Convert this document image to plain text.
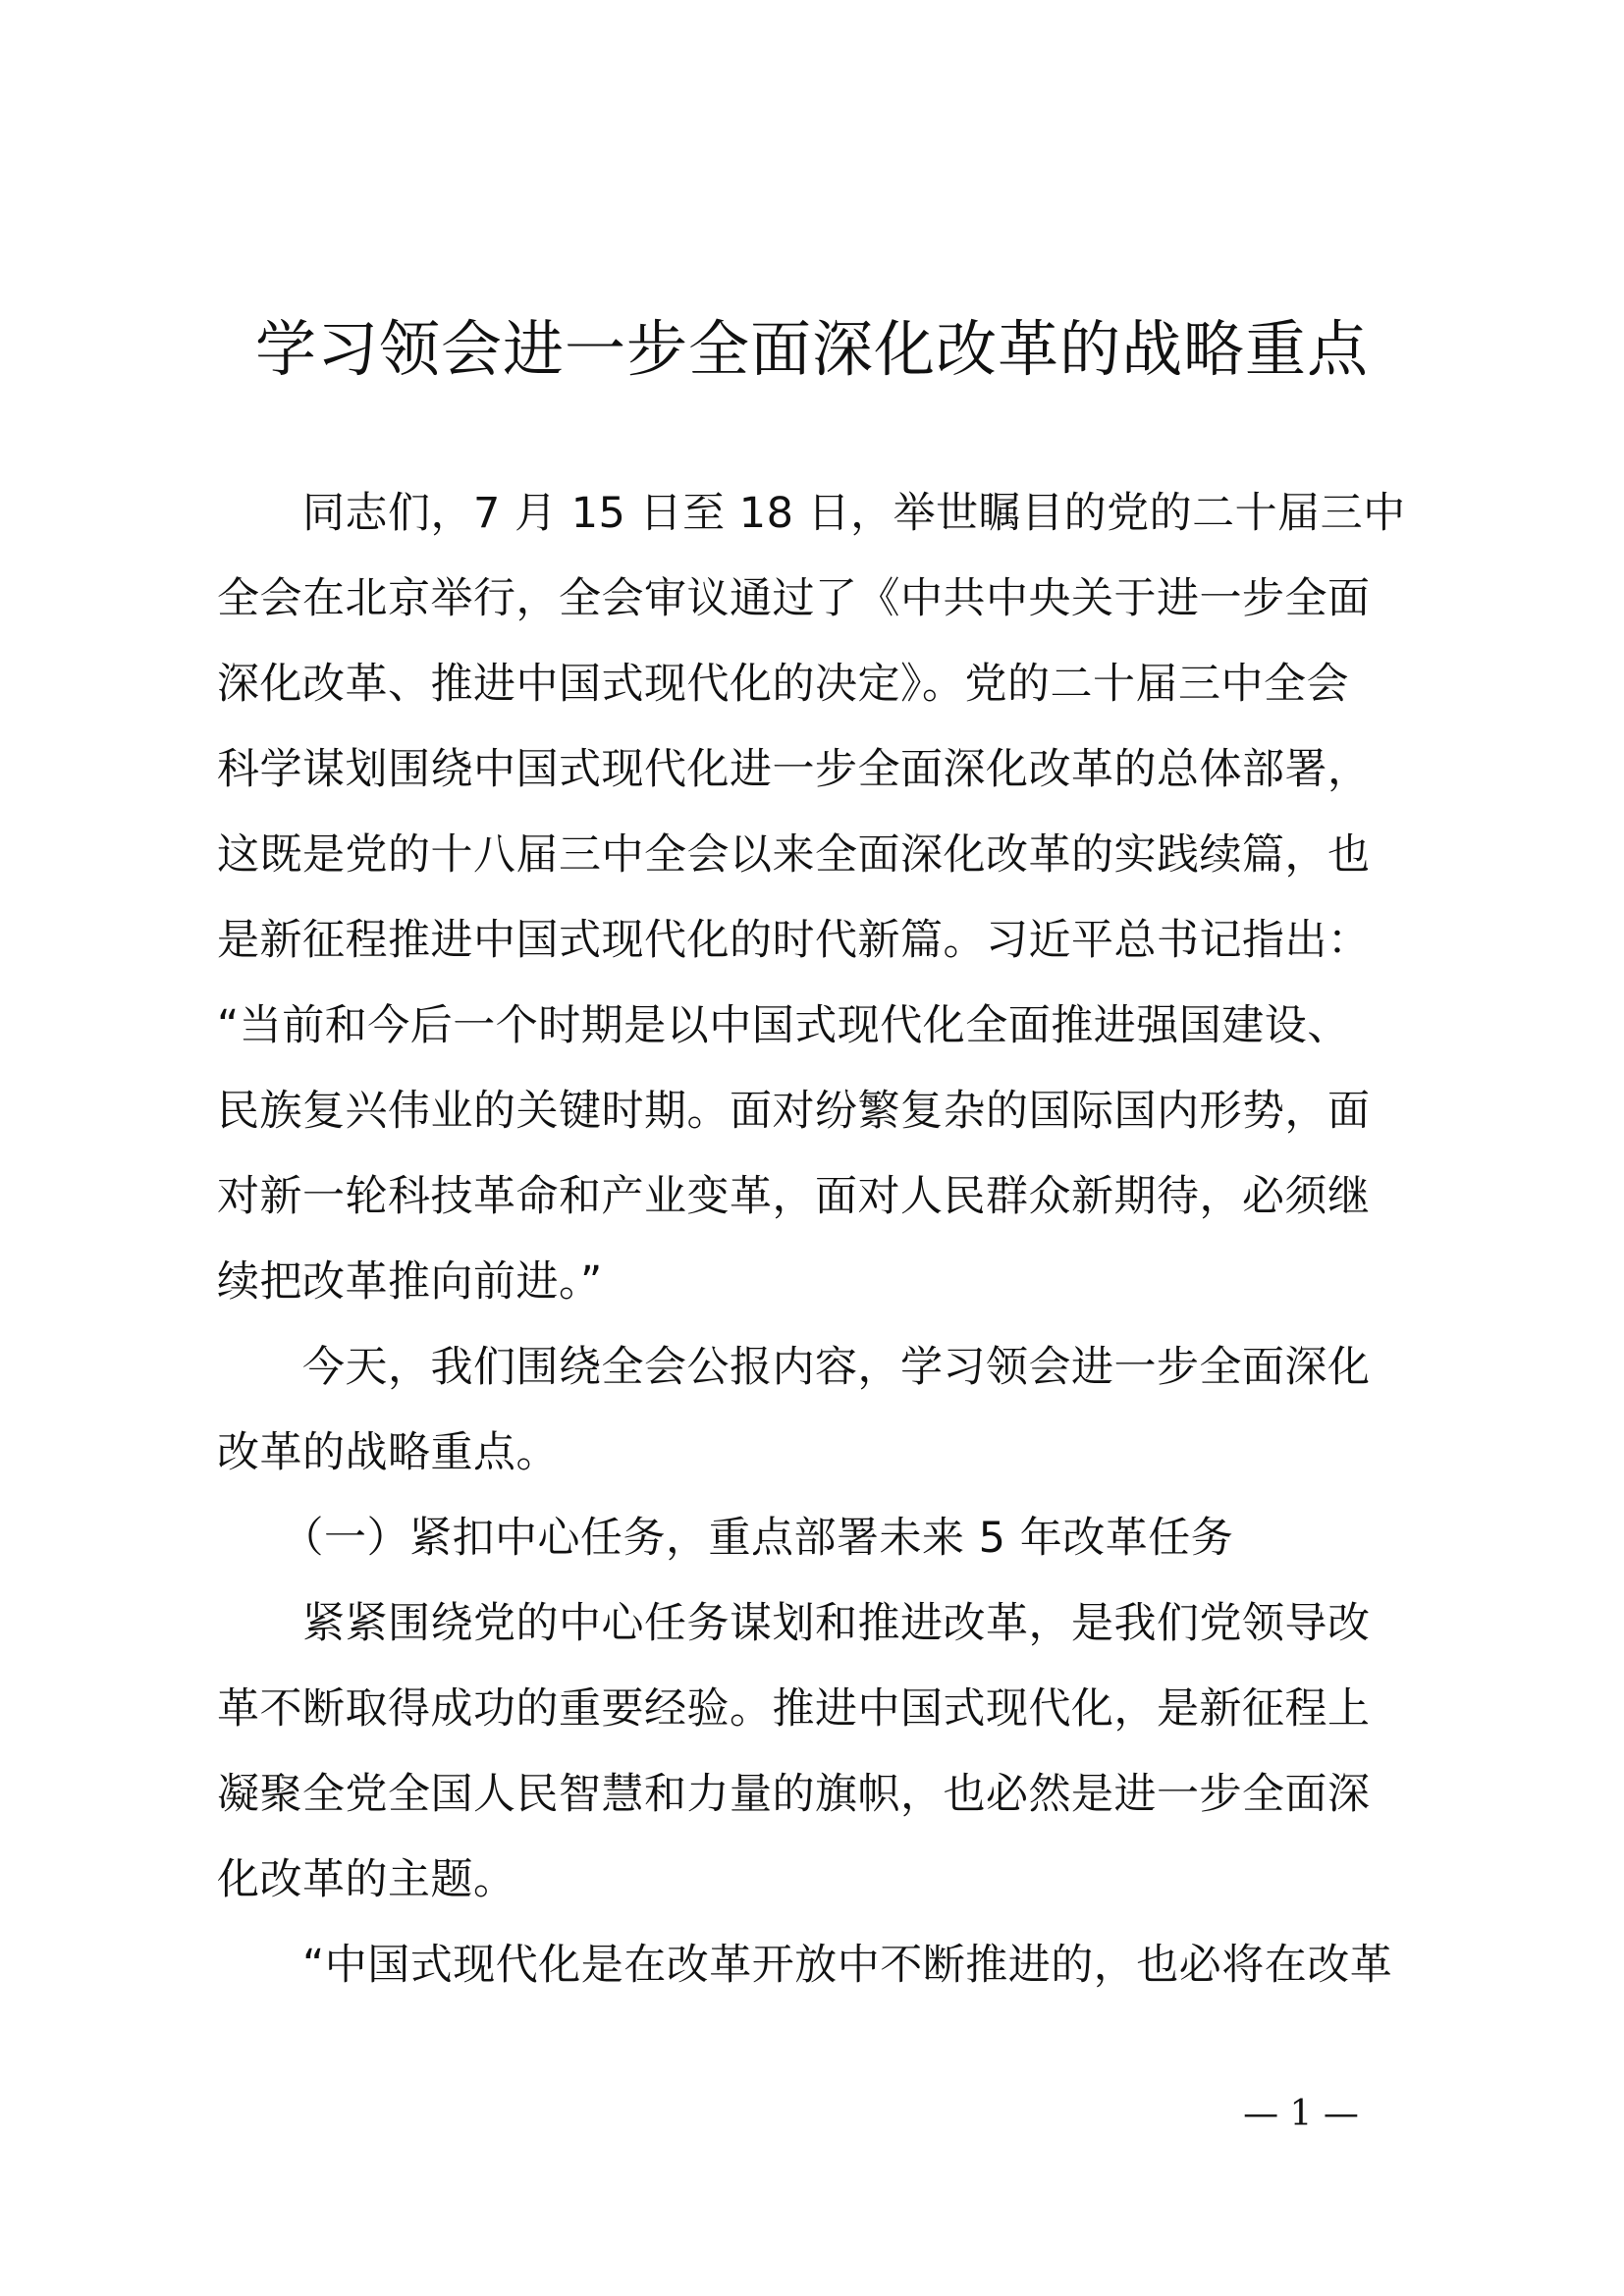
学习领会进一步全面深化改革的战略重点
　　同志们，7 月 15 日至 18 日，举世瞩目的党的二十届三中
全会在北京举行，全会审议通过了《中共中央关于进一步全面
深化改革、推进中国式现代化的决定》。党的二十届三中全会
科学谋划围绕中国式现代化进一步全面深化改革的总体部署，
这既是党的十八届三中全会以来全面深化改革的实践续篇，也
是新征程推进中国式现代化的时代新篇。习近平总书记指出：
“当前和今后一个时期是以中国式现代化全面推进强国建设、
民族复兴伟业的关键时期。面对纷繁复杂的国际国内形势，面
对新一轮科技革命和产业变革，面对人民群众新期待，必须继
续把改革推向前进。”
　　今天，我们围绕全会公报内容，学习领会进一步全面深化
改革的战略重点。
　　（一）紧扣中心任务，重点部署未来 5 年改革任务
　　紧紧围绕党的中心任务谋划和推进改革，是我们党领导改
革不断取得成功的重要经验。推进中国式现代化，是新征程上
凝聚全党全国人民智慧和力量的旗帜，也必然是进一步全面深
化改革的主题。
　　“中国式现代化是在改革开放中不断推进的，也必将在改革
— 1 —
